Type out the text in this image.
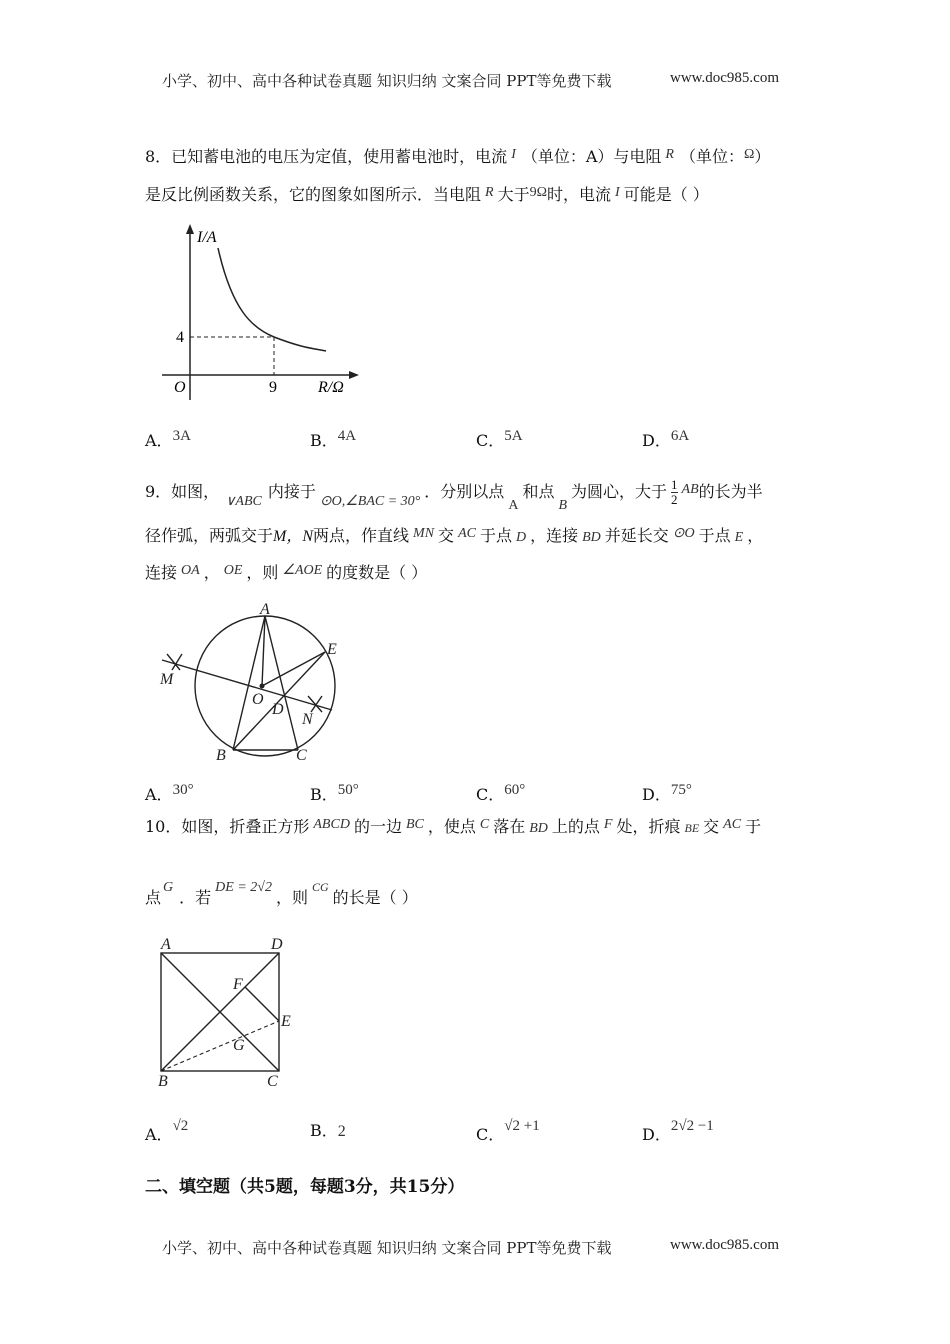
小学、初中、高中各种试卷真题 知识归纳 文案合同 PPT等免费下载	www.doc985.com
8．已知蓄电池的电压为定值，使用蓄电池时，电流 I （单位：A）与电阻 R （单位：Ω）
是反比例函数关系，它的图象如图所示．当电阻 R 大于9Ω时，电流 I 可能是（ ）
I/A
R/Ω
O	9
4
A．3A	B．4A	C．5A	D．6A
9．如图，∨ABC内接于⊙O,∠BAC = 30°．分别以点A和点B为圆心，大于 $\frac{1}{2}$ AB的长为半
径作弧，两弧交于M，N两点，作直线 MN 交 AC 于点 D ，连接 BD 并延长交 ⊙O 于点 E ，
连接 OA ， OE ，则 ∠AOE 的度数是（ ）
A
B	C
D
E
O
M
N
A．30°	B．50°	C．60°	D．75°
10．如图，折叠正方形 ABCD 的一边 BC ，使点 C 落在 BD 上的点 F 处，折痕 BE 交 AC 于
点G．若DE = 2√2，则$^{CG}$的长是（ ）
A	D
B	C
E
F
G
A．√2	B．2	C．√2 +1	D．2√2 −1
二、填空题（共5题，每题3分，共15分）
小学、初中、高中各种试卷真题 知识归纳 文案合同 PPT等免费下载	www.doc985.com
